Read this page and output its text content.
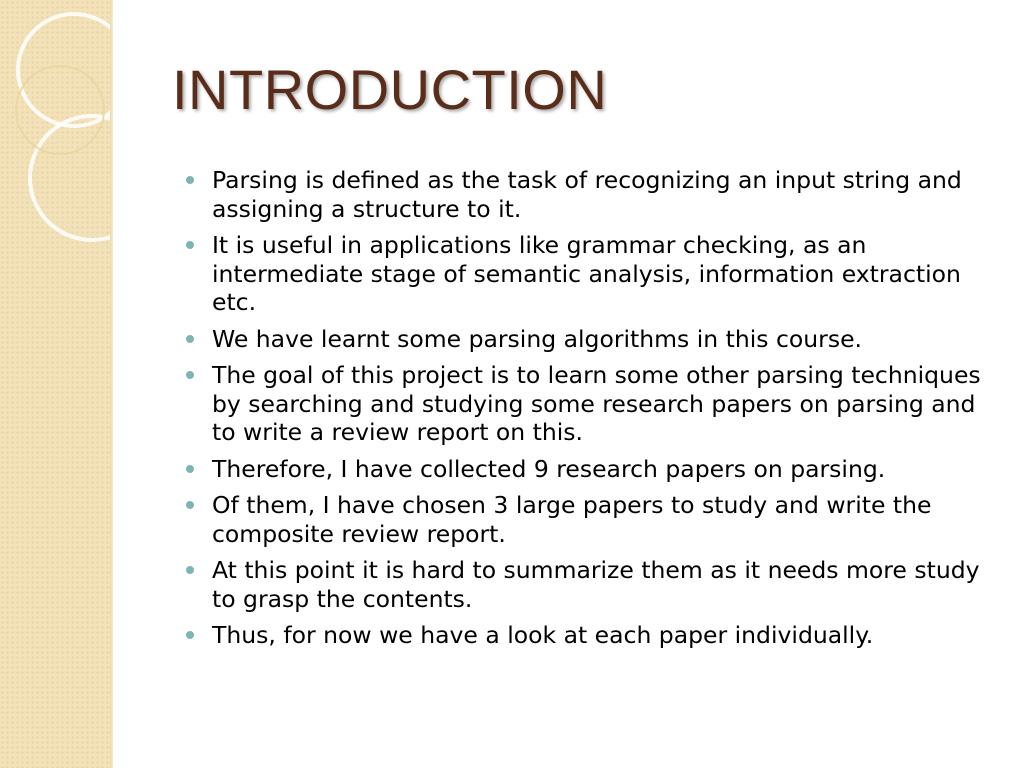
INTRODUCTION
Parsing is defined as the task of recognizing an input string and assigning a structure to it.
It is useful in applications like grammar checking, as an intermediate stage of semantic analysis, information extraction etc.
We have learnt some parsing algorithms in this course.
The goal of this project is to learn some other parsing techniques by searching and studying some research papers on parsing and to write a review report on this.
Therefore, I have collected 9 research papers on parsing.
Of them, I have chosen 3 large papers to study and write the composite review report.
At this point it is hard to summarize them as it needs more study to grasp the contents.
Thus, for now we have a look at each paper individually.
